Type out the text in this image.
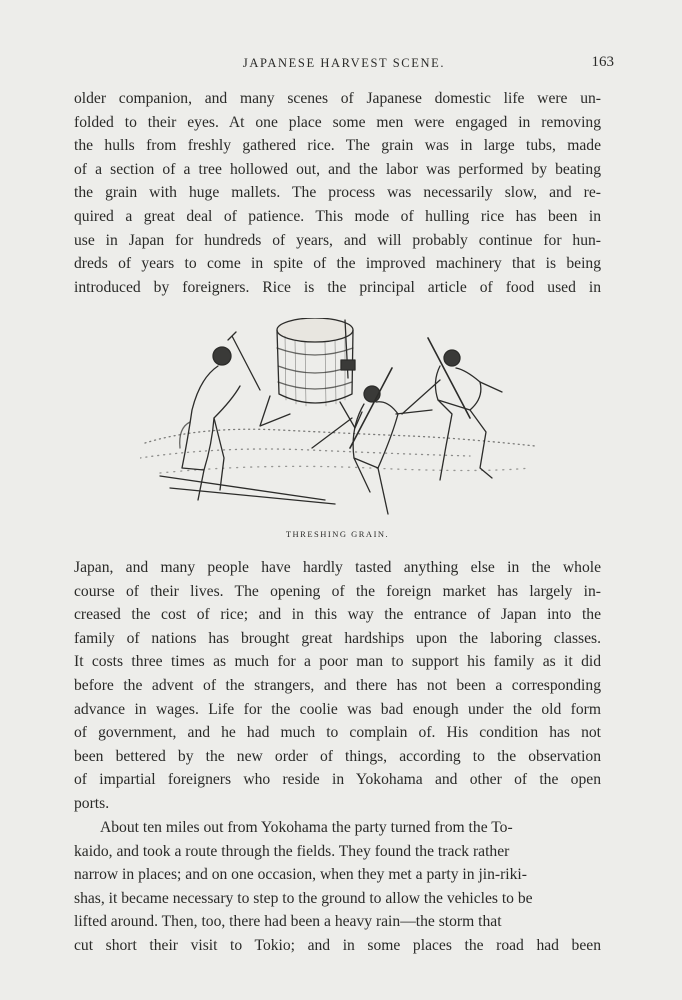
JAPANESE HARVEST SCENE.	163
older companion, and many scenes of Japanese domestic life were un-
folded to their eyes. At one place some men were engaged in removing
the hulls from freshly gathered rice. The grain was in large tubs, made
of a section of a tree hollowed out, and the labor was performed by beating
the grain with huge mallets. The process was necessarily slow, and re-
quired a great deal of patience. This mode of hulling rice has been in
use in Japan for hundreds of years, and will probably continue for hun-
dreds of years to come in spite of the improved machinery that is being
introduced by foreigners. Rice is the principal article of food used in
THRESHING GRAIN.
Japan, and many people have hardly tasted anything else in the whole
course of their lives. The opening of the foreign market has largely in-
creased the cost of rice; and in this way the entrance of Japan into the
family of nations has brought great hardships upon the laboring classes.
It costs three times as much for a poor man to support his family as it did
before the advent of the strangers, and there has not been a corresponding
advance in wages. Life for the coolie was bad enough under the old form
of government, and he had much to complain of. His condition has not
been bettered by the new order of things, according to the observation
of impartial foreigners who reside in Yokohama and other of the open
ports.
About ten miles out from Yokohama the party turned from the To-
kaido, and took a route through the fields. They found the track rather
narrow in places; and on one occasion, when they met a party in jin-riki-
shas, it became necessary to step to the ground to allow the vehicles to be
lifted around. Then, too, there had been a heavy rain—the storm that
cut short their visit to Tokio; and in some places the road had been
